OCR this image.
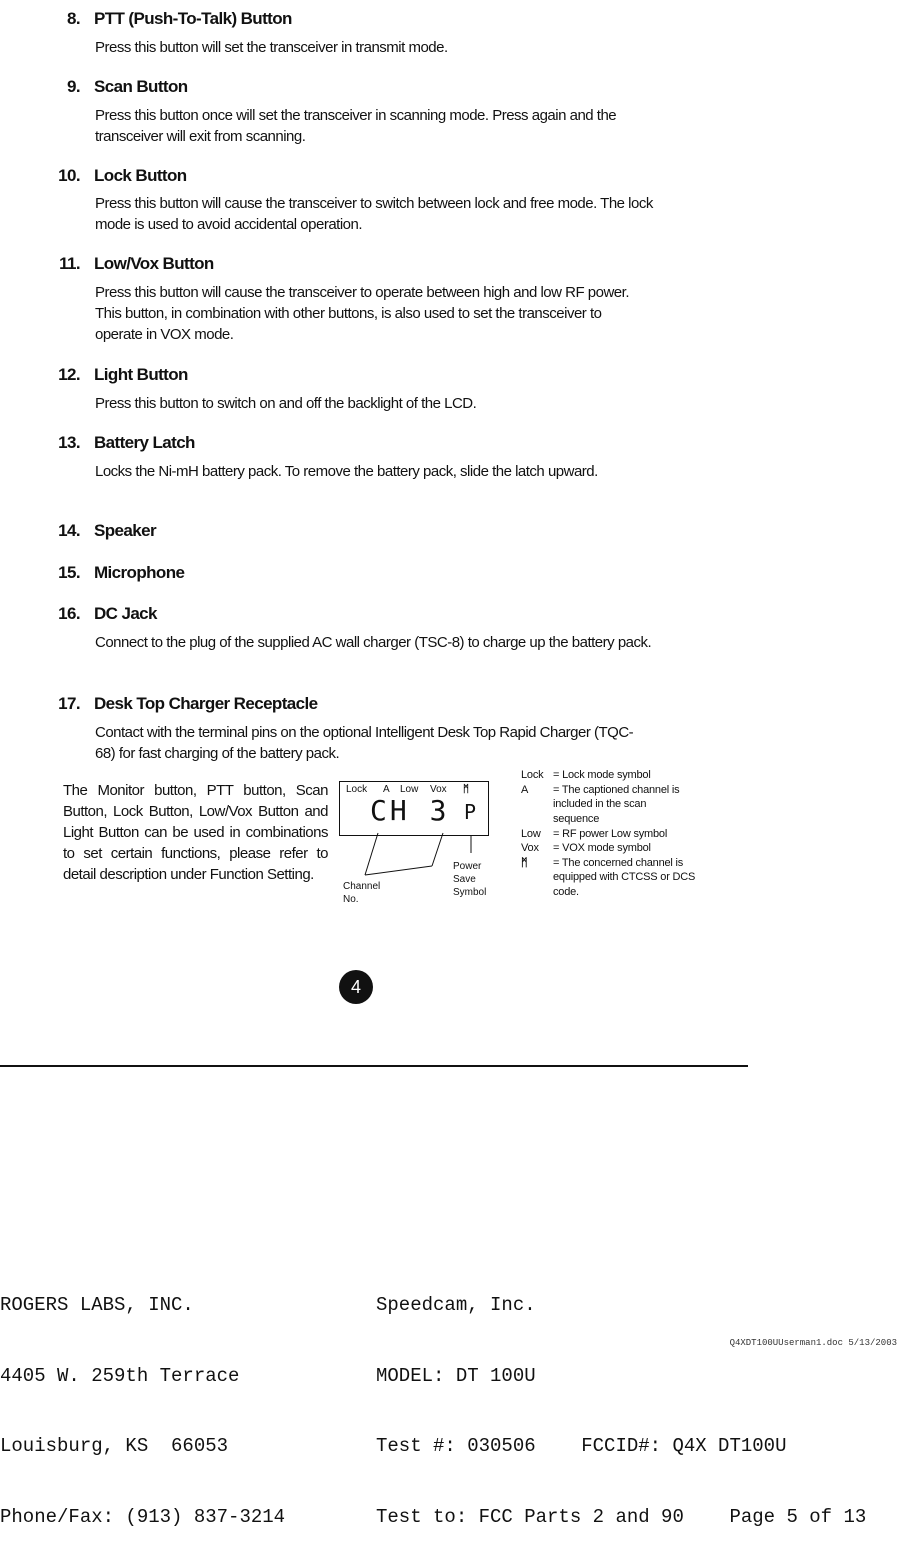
8. PTT (Push-To-Talk) Button
Press this button will set the transceiver in transmit mode.
9. Scan Button
Press this button once will set the transceiver in scanning mode. Press again and the transceiver will exit from scanning.
10. Lock Button
Press this button will cause the transceiver to switch between lock and free mode. The lock mode is used to avoid accidental operation.
11. Low/Vox Button
Press this button will cause the transceiver to operate between high and low RF power. This button, in combination with other buttons, is also used to set the transceiver to operate in VOX mode.
12. Light Button
Press this button to switch on and off the backlight of the LCD.
13. Battery Latch
Locks the Ni-mH battery pack. To remove the battery pack, slide the latch upward.
14. Speaker
15. Microphone
16. DC Jack
Connect to the plug of the supplied AC wall charger (TSC-8) to charge up the battery pack.
17. Desk Top Charger Receptacle
Contact with the terminal pins on the optional Intelligent Desk Top Rapid Charger (TQC-68) for fast charging of the battery pack.
The Monitor button, PTT button, Scan Button, Lock Button, Low/Vox Button and Light Button can be used in combinations to set certain functions, please refer to detail description under Function Setting.
Lock A Low Vox ᛗ
CH 3 P
Channel No.
Power Save Symbol
Lock = Lock mode symbol
A = The captioned channel is included in the scan sequence
Low = RF power Low symbol
Vox = VOX mode symbol
ᛗ = The concerned channel is equipped with CTCSS or DCS code.
4

ROGERS LABS, INC.

4405 W. 259th Terrace

Louisburg, KS  66053

Phone/Fax: (913) 837-3214

Speedcam, Inc.

MODEL: DT 100U

Test #: 030506    FCCID#: Q4X DT100U

Test to: FCC Parts 2 and 90    Page 5 of 13

Q4XDT100UUserman1.doc 5/13/2003
